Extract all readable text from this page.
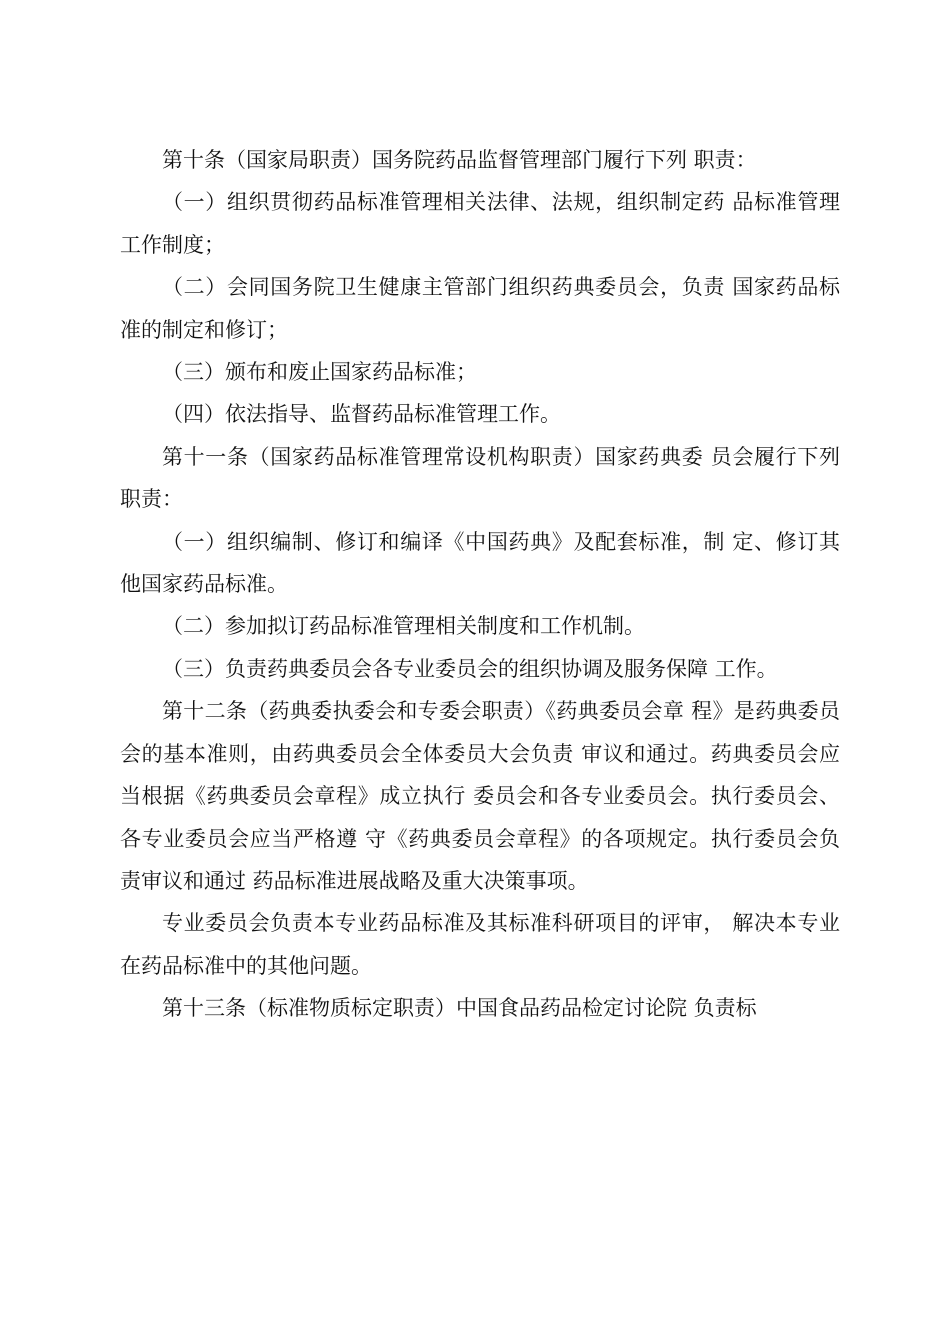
第十条（国家局职责）国务院药品监督管理部门履行下列 职责：

（一）组织贯彻药品标准管理相关法律、法规，组织制定药 品标准管理工作制度；

（二）会同国务院卫生健康主管部门组织药典委员会，负责 国家药品标准的制定和修订；

（三）颁布和废止国家药品标准；

（四）依法指导、监督药品标准管理工作。

第十一条（国家药品标准管理常设机构职责）国家药典委 员会履行下列职责：

（一）组织编制、修订和编译《中国药典》及配套标准，制 定、修订其他国家药品标准。

（二）参加拟订药品标准管理相关制度和工作机制。

（三）负责药典委员会各专业委员会的组织协调及服务保障 工作。

第十二条（药典委执委会和专委会职责）《药典委员会章 程》是药典委员会的基本准则，由药典委员会全体委员大会负责 审议和通过。药典委员会应当根据《药典委员会章程》成立执行 委员会和各专业委员会。执行委员会、各专业委员会应当严格遵 守《药典委员会章程》的各项规定。执行委员会负责审议和通过 药品标准进展战略及重大决策事项。

专业委员会负责本专业药品标准及其标准科研项目的评审， 解决本专业在药品标准中的其他问题。

第十三条（标准物质标定职责）中国食品药品检定讨论院 负责标
